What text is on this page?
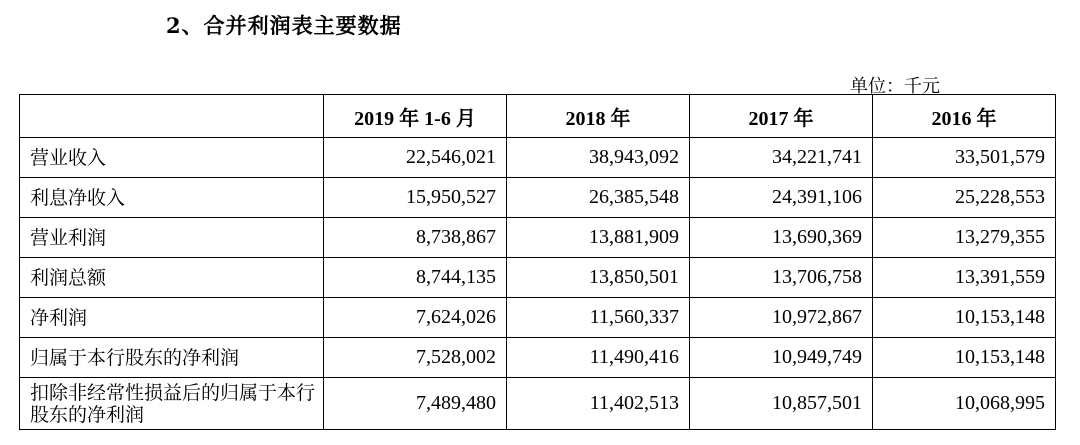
2、合并利润表主要数据
单位：千元
	2019 年 1-6 月	2018 年	2017 年	2016 年
营业收入	22,546,021	38,943,092	34,221,741	33,501,579
利息净收入	15,950,527	26,385,548	24,391,106	25,228,553
营业利润	8,738,867	13,881,909	13,690,369	13,279,355
利润总额	8,744,135	13,850,501	13,706,758	13,391,559
净利润	7,624,026	11,560,337	10,972,867	10,153,148
归属于本行股东的净利润	7,528,002	11,490,416	10,949,749	10,153,148
扣除非经常性损益后的归属于本行股东的净利润	7,489,480	11,402,513	10,857,501	10,068,995
